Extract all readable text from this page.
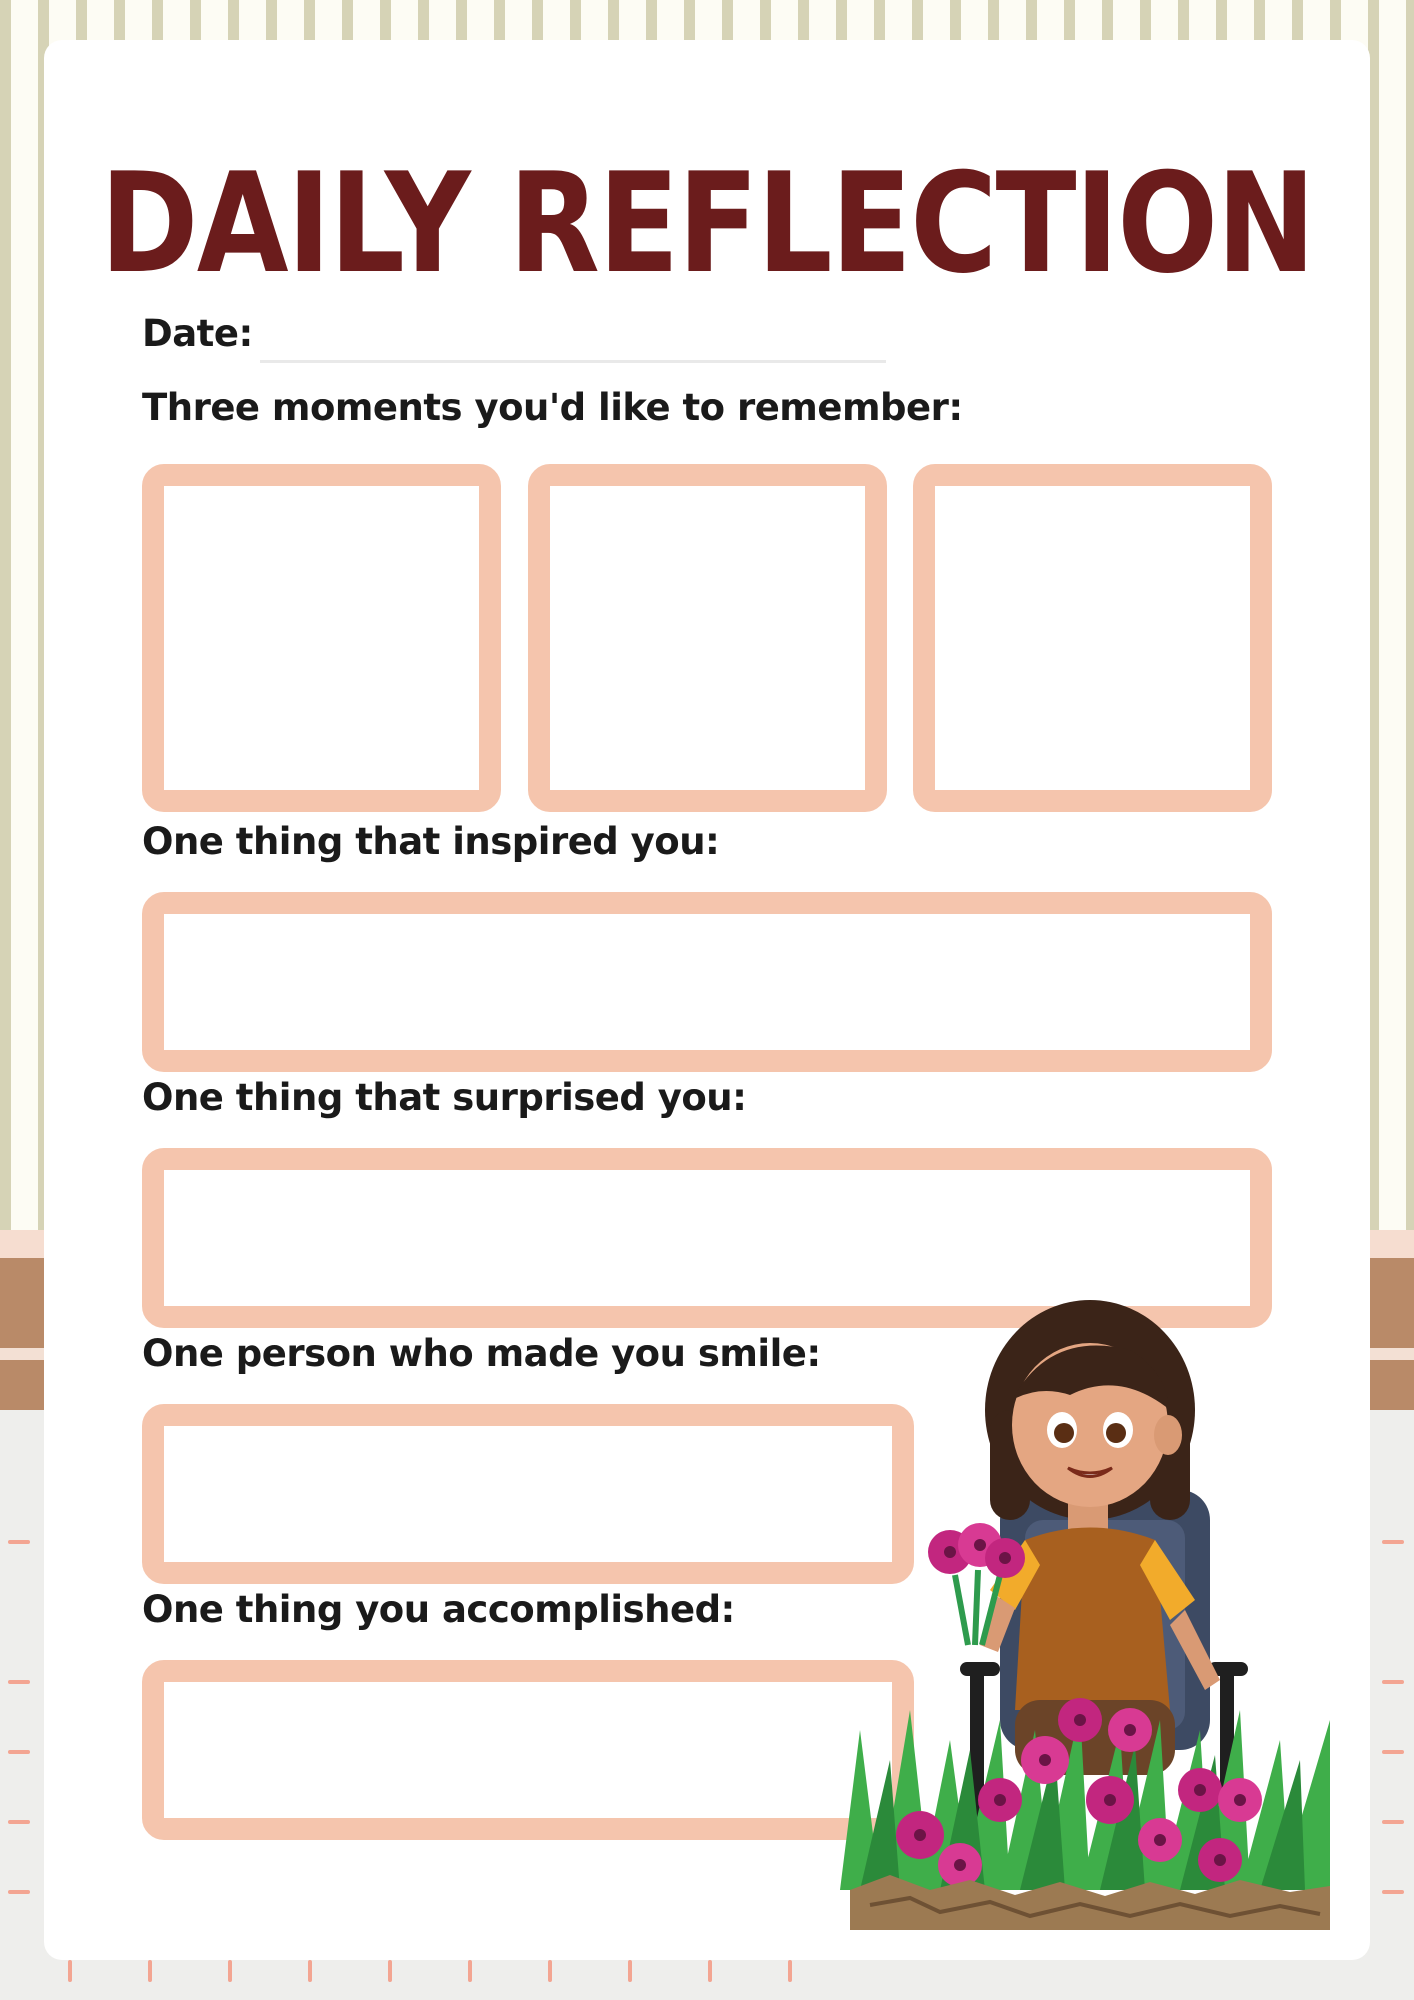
DAILY REFLECTION
Date:
Three moments you'd like to remember:
One thing that inspired you:
One thing that surprised you:
One person who made you smile:
One thing you accomplished:
